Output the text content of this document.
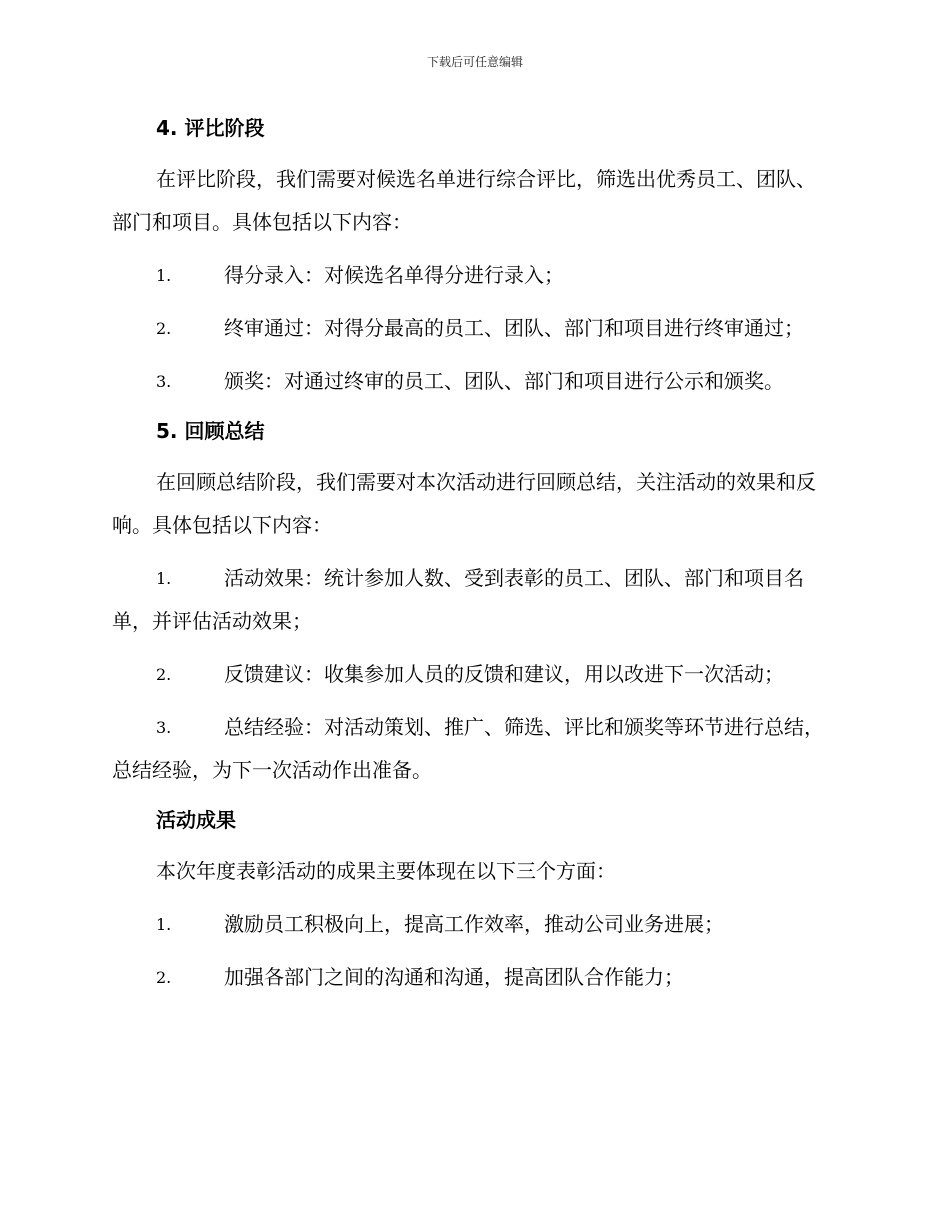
下载后可任意编辑
4. 评比阶段

在评比阶段，我们需要对候选名单进行综合评比，筛选出优秀员工、团队、部门和项目。具体包括以下内容：

1.	得分录入：对候选名单得分进行录入；

2.	终审通过：对得分最高的员工、团队、部门和项目进行终审通过；

3.	颁奖：对通过终审的员工、团队、部门和项目进行公示和颁奖。

5. 回顾总结

在回顾总结阶段，我们需要对本次活动进行回顾总结，关注活动的效果和反响。具体包括以下内容：

1.	活动效果：统计参加人数、受到表彰的员工、团队、部门和项目名单，并评估活动效果；

2.	反馈建议：收集参加人员的反馈和建议，用以改进下一次活动；

3.	总结经验：对活动策划、推广、筛选、评比和颁奖等环节进行总结，总结经验，为下一次活动作出准备。

活动成果

本次年度表彰活动的成果主要体现在以下三个方面：

1.	激励员工积极向上，提高工作效率，推动公司业务进展；

2.	加强各部门之间的沟通和沟通，提高团队合作能力；
